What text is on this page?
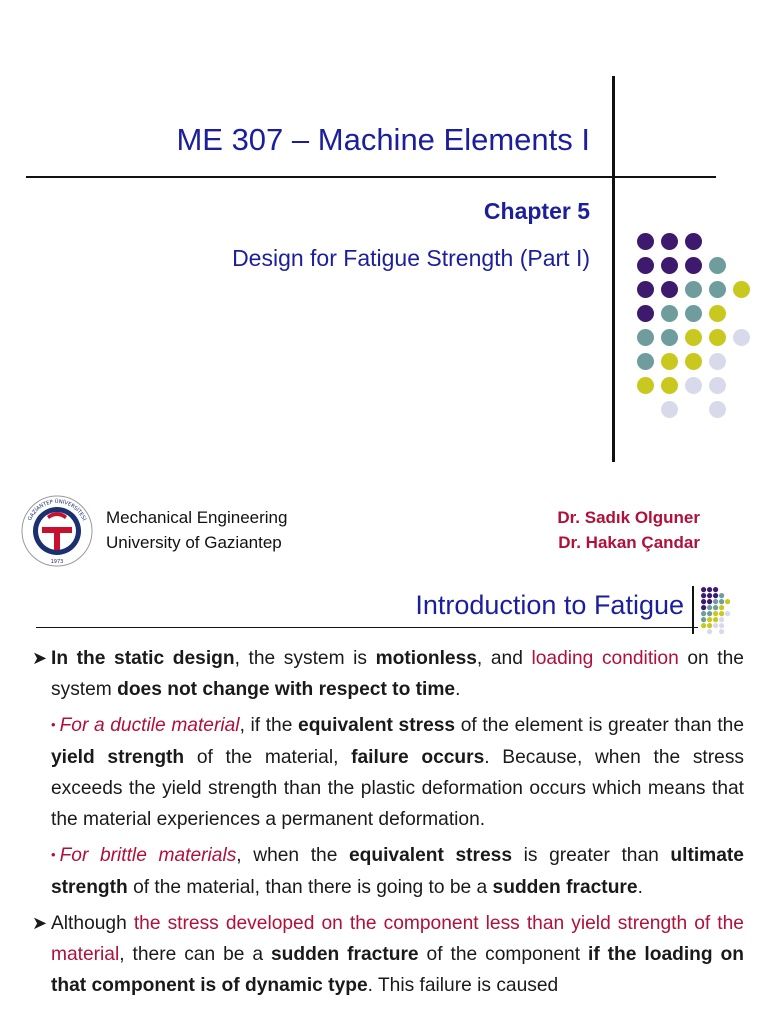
ME 307 – Machine Elements I
Chapter 5
Design for Fatigue Strength (Part I)
GAZİANTEP ÜNİVERSİTESİ
1973
Mechanical Engineering
University of Gaziantep
Dr. Sadık Olguner
Dr. Hakan Çandar
Introduction to Fatigue
➤ In the static design, the system is motionless, and loading condition on the system does not change with respect to time.
• For a ductile material, if the equivalent stress of the element is greater than the yield strength of the material, failure occurs. Because, when the stress exceeds the yield strength than the plastic deformation occurs which means that the material experiences a permanent deformation.
• For brittle materials, when the equivalent stress is greater than ultimate strength of the material, than there is going to be a sudden fracture.
➤ Although the stress developed on the component less than yield strength of the material, there can be a sudden fracture of the component if the loading on that component is of dynamic type. This failure is caused
